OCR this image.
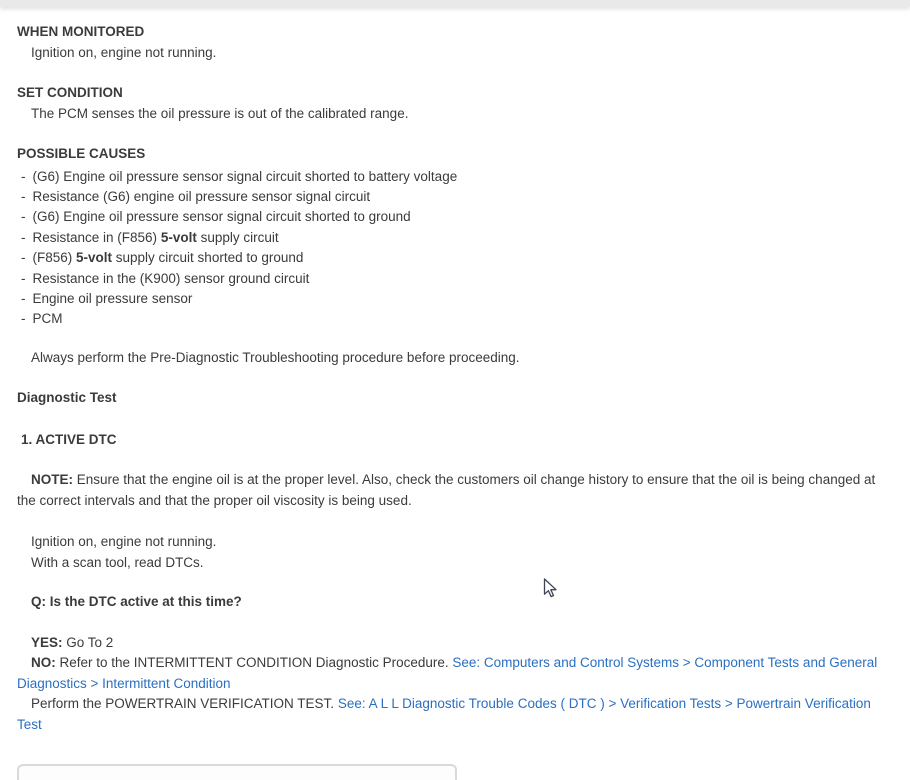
WHEN MONITORED

Ignition on, engine not running.

SET CONDITION

The PCM senses the oil pressure is out of the calibrated range.

POSSIBLE CAUSES

- (G6) Engine oil pressure sensor signal circuit shorted to battery voltage
- Resistance (G6) engine oil pressure sensor signal circuit
- (G6) Engine oil pressure sensor signal circuit shorted to ground
- Resistance in (F856) 5-volt supply circuit
- (F856) 5-volt supply circuit shorted to ground
- Resistance in the (K900) sensor ground circuit
- Engine oil pressure sensor
- PCM

Always perform the Pre-Diagnostic Troubleshooting procedure before proceeding.

Diagnostic Test

1. ACTIVE DTC

NOTE: Ensure that the engine oil is at the proper level. Also, check the customers oil change history to ensure that the oil is being changed at the correct intervals and that the proper oil viscosity is being used.

Ignition on, engine not running.

With a scan tool, read DTCs.

Q: Is the DTC active at this time?

YES: Go To 2

NO: Refer to the INTERMITTENT CONDITION Diagnostic Procedure. See: Computers and Control Systems > Component Tests and General Diagnostics > Intermittent Condition

Perform the POWERTRAIN VERIFICATION TEST. See: A L L Diagnostic Trouble Codes ( DTC ) > Verification Tests > Powertrain Verification Test
